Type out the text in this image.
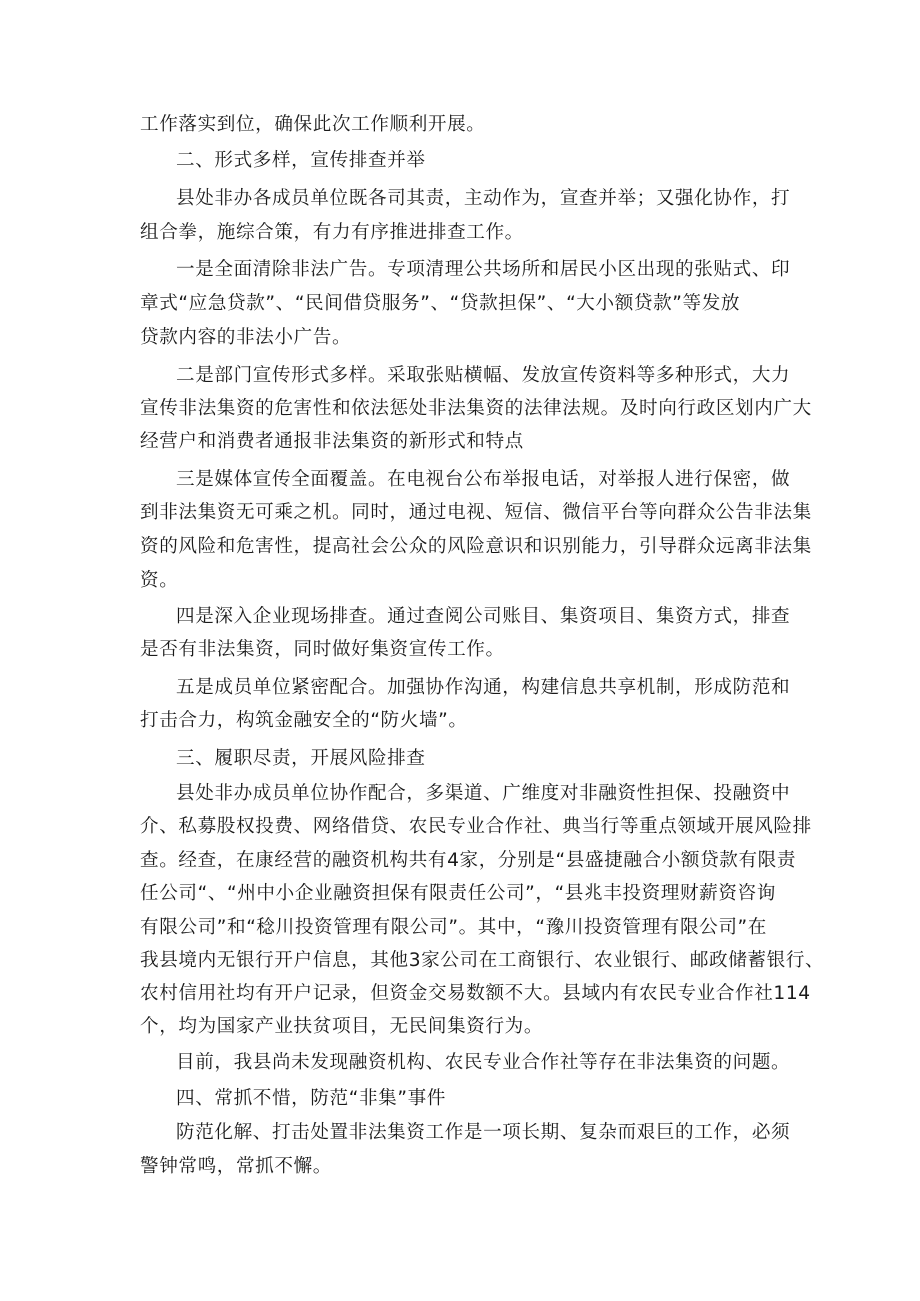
工作落实到位，确保此次工作顺利开展。
二、形式多样，宣传排查并举
县处非办各成员单位既各司其责，主动作为，宣查并举；又强化协作，打
组合拳，施综合策，有力有序推进排查工作。
一是全面清除非法广告。专项清理公共场所和居民小区出现的张贴式、印
章式“应急贷款”、“民间借贷服务”、“贷款担保”、“大小额贷款”等发放
贷款内容的非法小广告。
二是部门宣传形式多样。采取张贴横幅、发放宣传资料等多种形式，大力
宣传非法集资的危害性和依法惩处非法集资的法律法规。及时向行政区划内广大
经营户和消费者通报非法集资的新形式和特点
三是媒体宣传全面覆盖。在电视台公布举报电话，对举报人进行保密，做
到非法集资无可乘之机。同时，通过电视、短信、微信平台等向群众公告非法集
资的风险和危害性，提高社会公众的风险意识和识别能力，引导群众远离非法集
资。
四是深入企业现场排查。通过查阅公司账目、集资项目、集资方式，排查
是否有非法集资，同时做好集资宣传工作。
五是成员单位紧密配合。加强协作沟通，构建信息共享机制，形成防范和
打击合力，构筑金融安全的“防火墙”。
三、履职尽责，开展风险排查
县处非办成员单位协作配合，多渠道、广维度对非融资性担保、投融资中
介、私募股权投费、网络借贷、农民专业合作社、典当行等重点领域开展风险排
查。经查，在康经营的融资机构共有4家，分别是“县盛捷融合小额贷款有限责
任公司“、“州中小企业融资担保有限责任公司”，“县兆丰投资理财薪资咨询
有限公司”和“稔川投资管理有限公司”。其中，“豫川投资管理有限公司”在
我县境内无银行开户信息，其他3家公司在工商银行、农业银行、邮政储蓄银行、
农村信用社均有开户记录，但资金交易数额不大。县域内有农民专业合作社114
个，均为国家产业扶贫项目，无民间集资行为。
目前，我县尚未发现融资机构、农民专业合作社等存在非法集资的问题。
四、常抓不惜，防范“非集”事件
防范化解、打击处置非法集资工作是一项长期、复杂而艰巨的工作，必须
警钟常鸣，常抓不懈。
